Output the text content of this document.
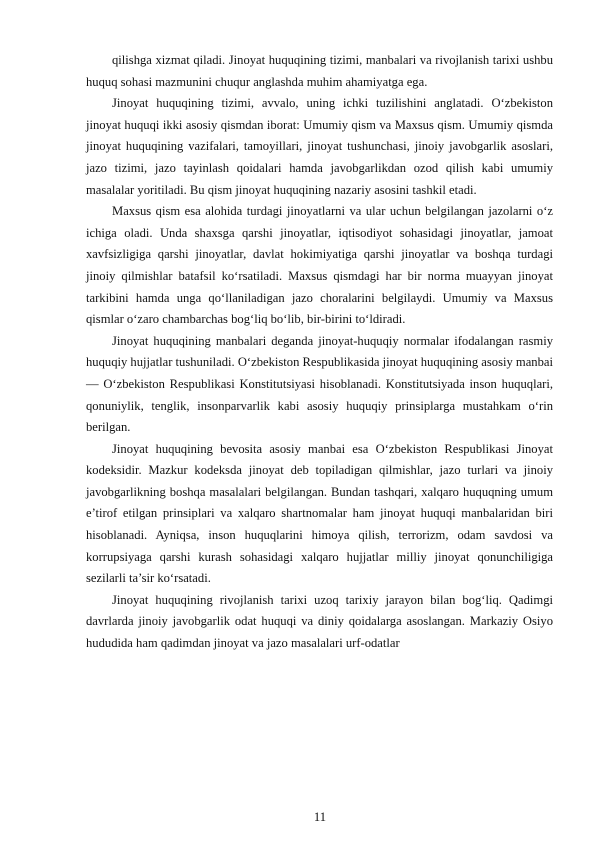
qilishga xizmat qiladi. Jinoyat huquqining tizimi, manbalari va rivojlanish tarixi ushbu huquq sohasi mazmunini chuqur anglashda muhim ahamiyatga ega.

Jinoyat huquqining tizimi, avvalo, uning ichki tuzilishini anglatadi. O‘zbekiston jinoyat huquqi ikki asosiy qismdan iborat: Umumiy qism va Maxsus qism. Umumiy qismda jinoyat huquqining vazifalari, tamoyillari, jinoyat tushunchasi, jinoiy javobgarlik asoslari, jazo tizimi, jazo tayinlash qoidalari hamda javobgarlikdan ozod qilish kabi umumiy masalalar yoritiladi. Bu qism jinoyat huquqining nazariy asosini tashkil etadi.

Maxsus qism esa alohida turdagi jinoyatlarni va ular uchun belgilangan jazolarni o‘z ichiga oladi. Unda shaxsga qarshi jinoyatlar, iqtisodiyot sohasidagi jinoyatlar, jamoat xavfsizligiga qarshi jinoyatlar, davlat hokimiyatiga qarshi jinoyatlar va boshqa turdagi jinoiy qilmishlar batafsil ko‘rsatiladi. Maxsus qismdagi har bir norma muayyan jinoyat tarkibini hamda unga qo‘llaniladigan jazo choralarini belgilaydi. Umumiy va Maxsus qismlar o‘zaro chambarchas bog‘liq bo‘lib, bir-birini to‘ldiradi.

Jinoyat huquqining manbalari deganda jinoyat-huquqiy normalar ifodalangan rasmiy huquqiy hujjatlar tushuniladi. O‘zbekiston Respublikasida jinoyat huquqining asosiy manbai — O‘zbekiston Respublikasi Konstitutsiyasi hisoblanadi. Konstitutsiyada inson huquqlari, qonuniylik, tenglik, insonparvarlik kabi asosiy huquqiy prinsiplarga mustahkam o‘rin berilgan.

Jinoyat huquqining bevosita asosiy manbai esa O‘zbekiston Respublikasi Jinoyat kodeksidir. Mazkur kodeksda jinoyat deb topiladigan qilmishlar, jazo turlari va jinoiy javobgarlikning boshqa masalalari belgilangan. Bundan tashqari, xalqaro huquqning umum e’tirof etilgan prinsiplari va xalqaro shartnomalar ham jinoyat huquqi manbalaridan biri hisoblanadi. Ayniqsa, inson huquqlarini himoya qilish, terrorizm, odam savdosi va korrupsiyaga qarshi kurash sohasidagi xalqaro hujjatlar milliy jinoyat qonunchiligiga sezilarli ta’sir ko‘rsatadi.

Jinoyat huquqining rivojlanish tarixi uzoq tarixiy jarayon bilan bog‘liq. Qadimgi davrlarda jinoiy javobgarlik odat huquqi va diniy qoidalarga asoslangan. Markaziy Osiyo hududida ham qadimdan jinoyat va jazo masalalari urf-odatlar

11
